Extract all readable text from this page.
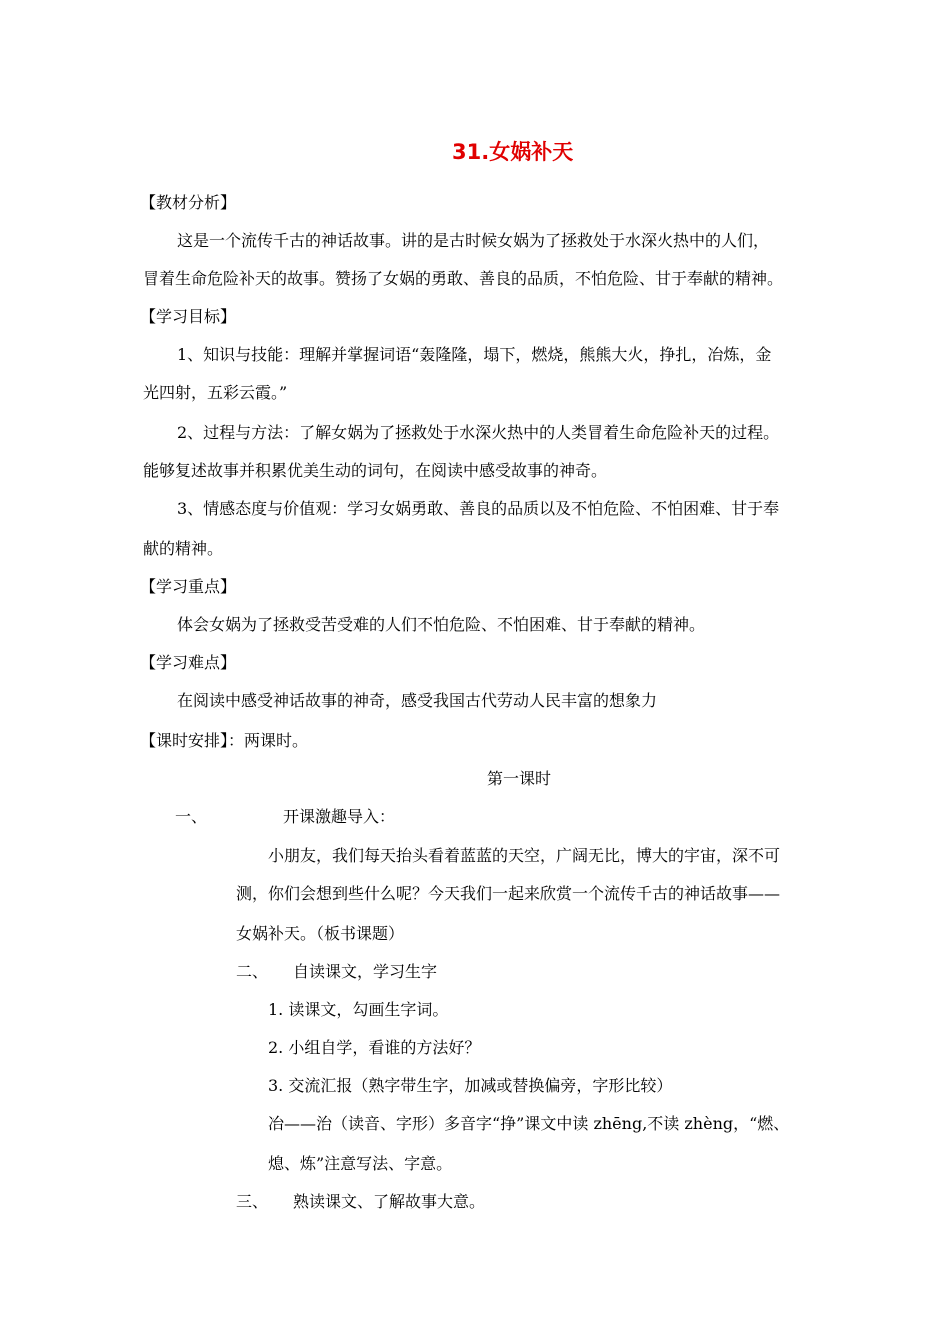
31.女娲补天
【教材分析】
这是一个流传千古的神话故事。讲的是古时候女娲为了拯救处于水深火热中的人们，
冒着生命危险补天的故事。赞扬了女娲的勇敢、善良的品质，不怕危险、甘于奉献的精神。
【学习目标】
1、知识与技能：理解并掌握词语“轰隆隆，塌下，燃烧，熊熊大火，挣扎，冶炼，金
光四射，五彩云霞。”
2、过程与方法：了解女娲为了拯救处于水深火热中的人类冒着生命危险补天的过程。
能够复述故事并积累优美生动的词句，在阅读中感受故事的神奇。
3、情感态度与价值观：学习女娲勇敢、善良的品质以及不怕危险、不怕困难、甘于奉
献的精神。
【学习重点】
体会女娲为了拯救受苦受难的人们不怕危险、不怕困难、甘于奉献的精神。
【学习难点】
在阅读中感受神话故事的神奇，感受我国古代劳动人民丰富的想象力
【课时安排】：两课时。
第一课时
一、	开课激趣导入：
小朋友，我们每天抬头看着蓝蓝的天空，广阔无比，博大的宇宙，深不可
测，你们会想到些什么呢？今天我们一起来欣赏一个流传千古的神话故事——
女娲补天。（板书课题）
二、 自读课文，学习生字
1. 读课文，勾画生字词。
2. 小组自学，看谁的方法好？
3. 交流汇报（熟字带生字，加减或替换偏旁，字形比较）
冶——治（读音、字形）多音字“挣”课文中读 zhēng,不读 zhèng，“燃、
熄、炼”注意写法、字意。
三、 熟读课文、了解故事大意。
